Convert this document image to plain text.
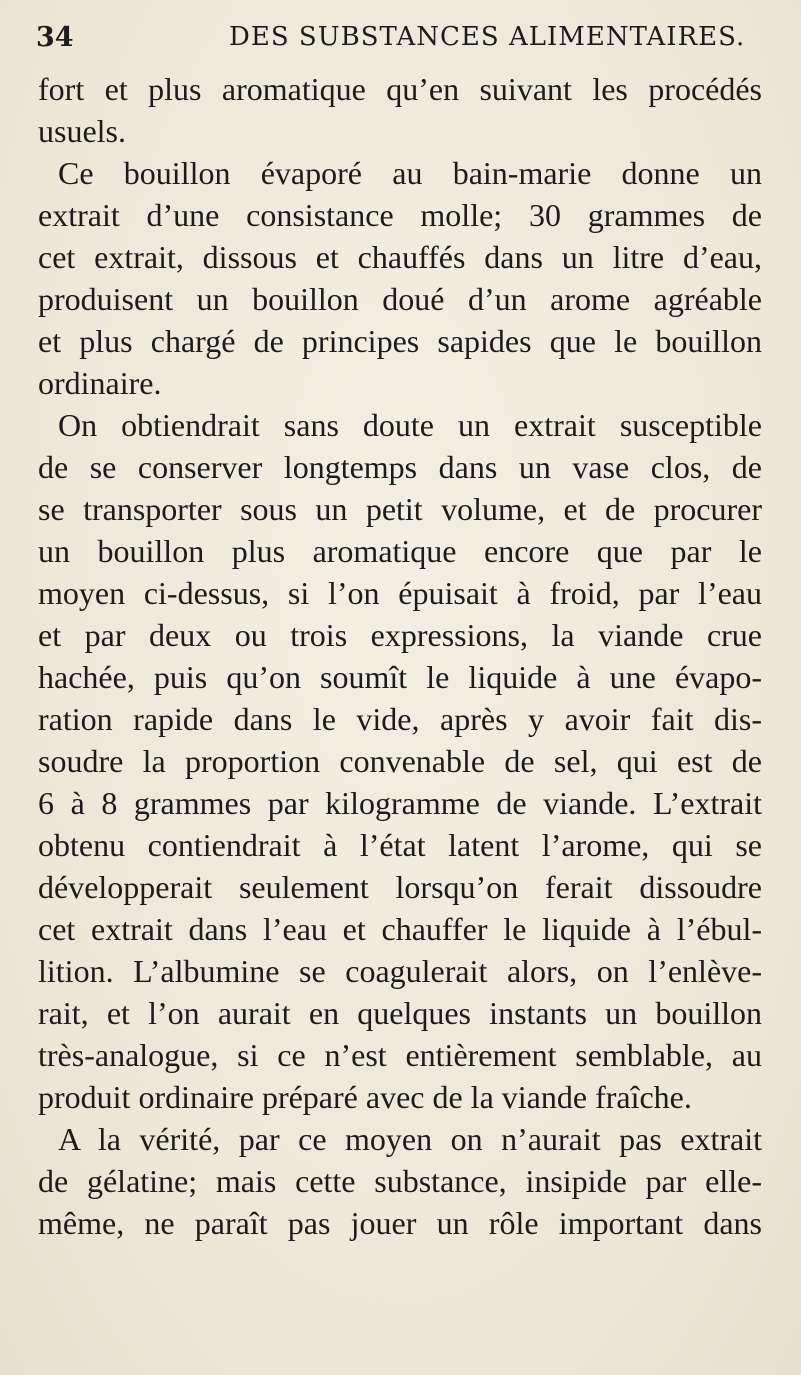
34	DES SUBSTANCES ALIMENTAIRES.
fort et plus aromatique qu’en suivant les procédés
usuels.
Ce bouillon évaporé au bain-marie donne un
extrait d’une consistance molle; 30 grammes de
cet extrait, dissous et chauffés dans un litre d’eau,
produisent un bouillon doué d’un arome agréable
et plus chargé de principes sapides que le bouillon
ordinaire.
On obtiendrait sans doute un extrait susceptible
de se conserver longtemps dans un vase clos, de
se transporter sous un petit volume, et de procurer
un bouillon plus aromatique encore que par le
moyen ci-dessus, si l’on épuisait à froid, par l’eau
et par deux ou trois expressions, la viande crue
hachée, puis qu’on soumît le liquide à une évapo-
ration rapide dans le vide, après y avoir fait dis-
soudre la proportion convenable de sel, qui est de
6 à 8 grammes par kilogramme de viande. L’extrait
obtenu contiendrait à l’état latent l’arome, qui se
développerait seulement lorsqu’on ferait dissoudre
cet extrait dans l’eau et chauffer le liquide à l’ébul-
lition. L’albumine se coagulerait alors, on l’enlève-
rait, et l’on aurait en quelques instants un bouillon
très-analogue, si ce n’est entièrement semblable, au
produit ordinaire préparé avec de la viande fraîche.
A la vérité, par ce moyen on n’aurait pas extrait
de gélatine; mais cette substance, insipide par elle-
même, ne paraît pas jouer un rôle important dans
